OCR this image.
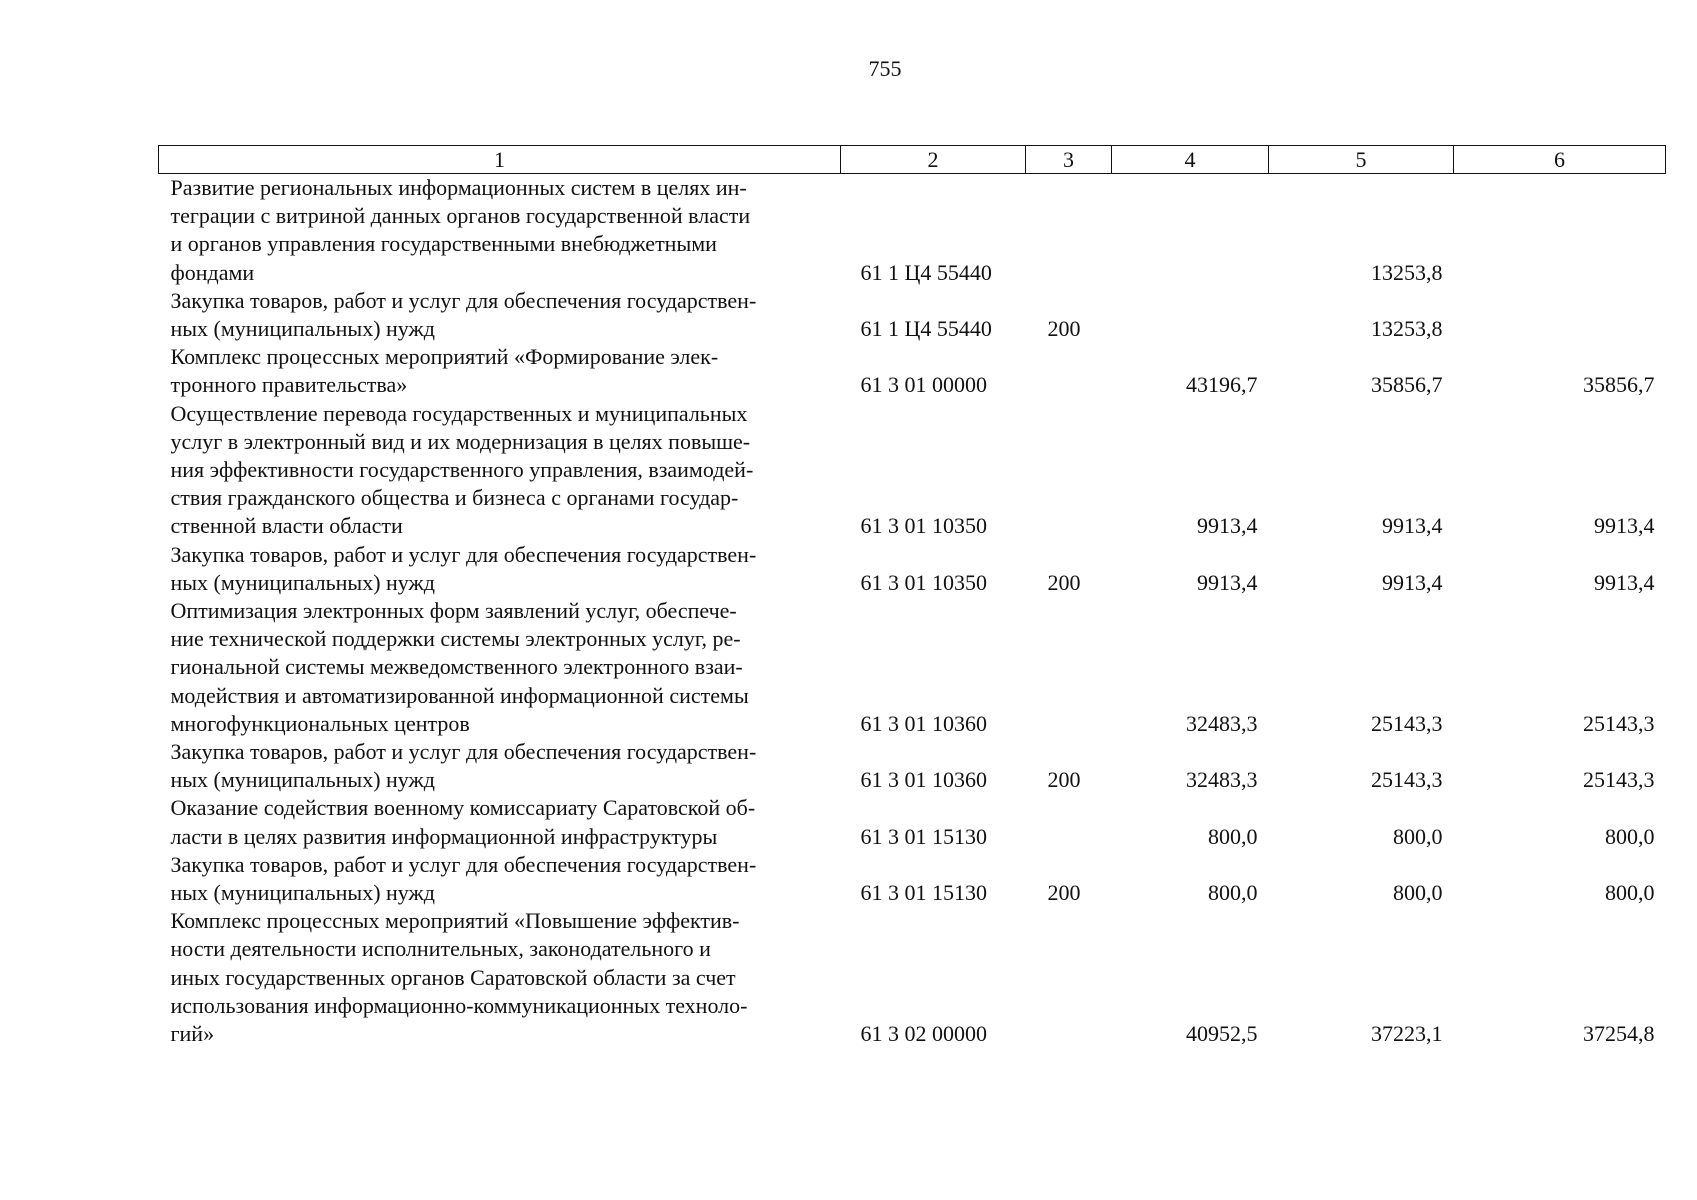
755
1	2	3	4	5	6
Развитие региональных информационных систем в целях ин-
теграции с витриной данных органов государственной власти
и органов управления государственными внебюджетными
фондами	61 1 Ц4 55440			13253,8	
Закупка товаров, работ и услуг для обеспечения государствен-
ных (муниципальных) нужд	61 1 Ц4 55440	200		13253,8	
Комплекс процессных мероприятий «Формирование элек-
тронного правительства»	61 3 01 00000		43196,7	35856,7	35856,7
Осуществление перевода государственных и муниципальных
услуг в электронный вид и их модернизация в целях повыше-
ния эффективности государственного управления, взаимодей-
ствия гражданского общества и бизнеса с органами государ-
ственной власти области	61 3 01 10350		9913,4	9913,4	9913,4
Закупка товаров, работ и услуг для обеспечения государствен-
ных (муниципальных) нужд	61 3 01 10350	200	9913,4	9913,4	9913,4
Оптимизация электронных форм заявлений услуг, обеспече-
ние технической поддержки системы электронных услуг, ре-
гиональной системы межведомственного электронного взаи-
модействия и автоматизированной информационной системы
многофункциональных центров	61 3 01 10360		32483,3	25143,3	25143,3
Закупка товаров, работ и услуг для обеспечения государствен-
ных (муниципальных) нужд	61 3 01 10360	200	32483,3	25143,3	25143,3
Оказание содействия военному комиссариату Саратовской об-
ласти в целях развития информационной инфраструктуры	61 3 01 15130		800,0	800,0	800,0
Закупка товаров, работ и услуг для обеспечения государствен-
ных (муниципальных) нужд	61 3 01 15130	200	800,0	800,0	800,0
Комплекс процессных мероприятий «Повышение эффектив-
ности деятельности исполнительных, законодательного и
иных государственных органов Саратовской области за счет
использования информационно-коммуникационных техноло-
гий»	61 3 02 00000		40952,5	37223,1	37254,8
